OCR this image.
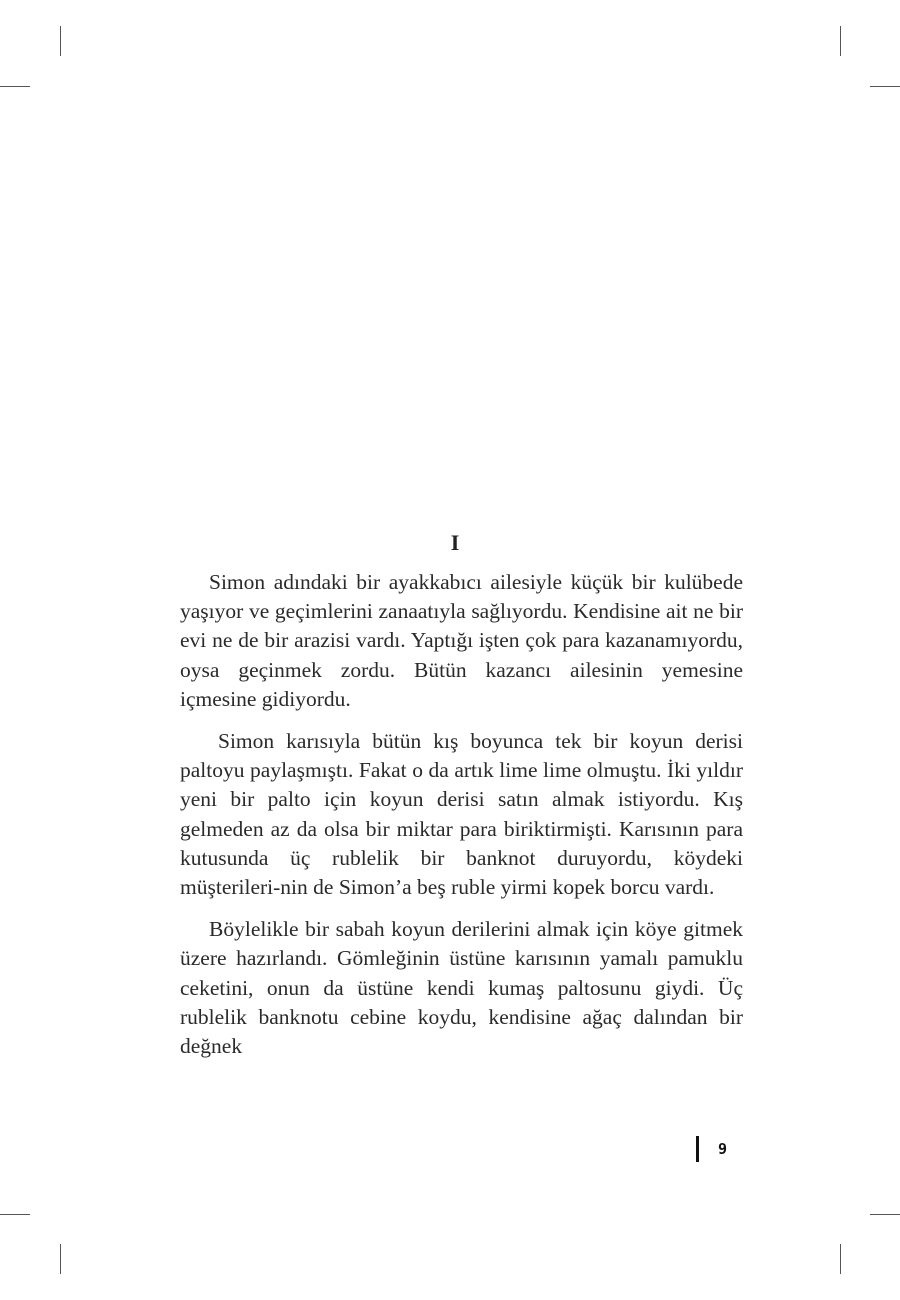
I

Simon adındaki bir ayakkabıcı ailesiyle küçük bir kulübede yaşıyor ve geçimlerini zanaatıyla sağlıyordu. Kendisine ait ne bir evi ne de bir arazisi vardı. Yaptığı işten çok para kazanamıyordu, oysa geçinmek zordu. Bütün kazancı ailesinin yemesine içmesine gidiyordu.

Simon karısıyla bütün kış boyunca tek bir koyun derisi paltoyu paylaşmıştı. Fakat o da artık lime lime olmuştu. İki yıldır yeni bir palto için koyun derisi satın almak istiyordu. Kış gelmeden az da olsa bir miktar para biriktirmişti. Karısının para kutusunda üç rublelik bir banknot duruyordu, köydeki müşterileri-nin de Simon’a beş ruble yirmi kopek borcu vardı.

Böylelikle bir sabah koyun derilerini almak için köye gitmek üzere hazırlandı. Gömleğinin üstüne karısının yamalı pamuklu ceketini, onun da üstüne kendi kumaş paltosunu giydi. Üç rublelik banknotu cebine koydu, kendisine ağaç dalından bir değnek

9
